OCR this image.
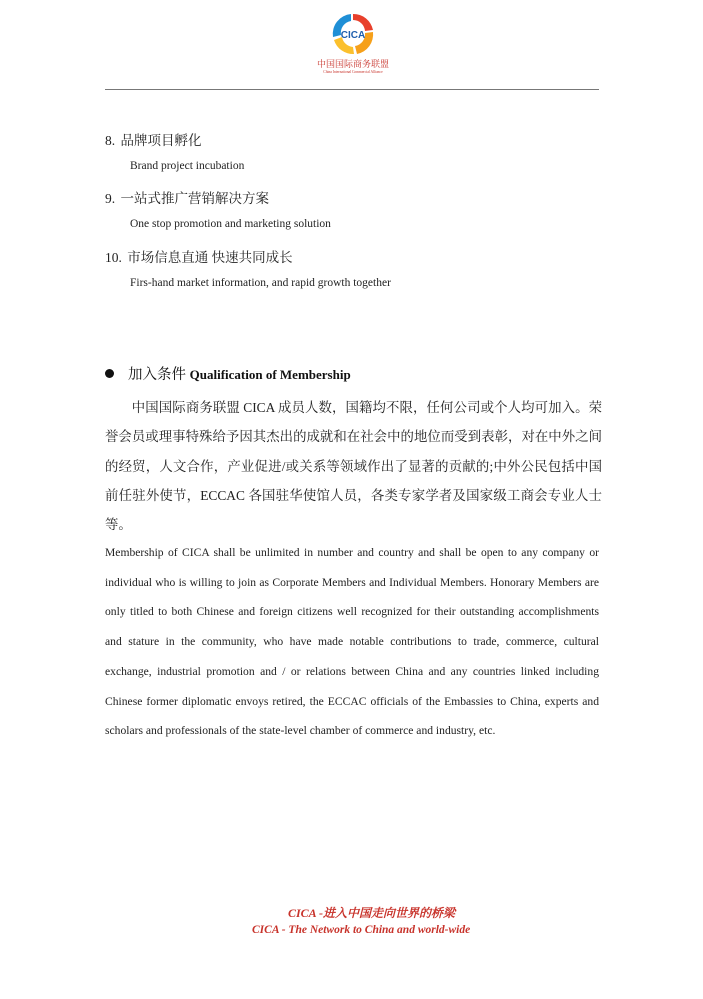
CICA
中国国际商务联盟
China International Commercial Alliance
8. 品牌项目孵化
Brand project incubation
9. 一站式推广营销解决方案
One stop promotion and marketing solution
10. 市场信息直通 快速共同成长
Firs-hand market information, and rapid growth together
加入条件 Qualification of Membership
中国国际商务联盟 CICA 成员人数，国籍均不限，任何公司或个人均可加入。荣誉会员或理事特殊给予因其杰出的成就和在社会中的地位而受到表彰，对在中外之间的经贸，人文合作，产业促进/或关系等领域作出了显著的贡献的;中外公民包括中国前任驻外使节，ECCAC 各国驻华使馆人员，各类专家学者及国家级工商会专业人士等。
Membership of CICA shall be unlimited in number and country and shall be open to any company or individual who is willing to join as Corporate Members and Individual Members. Honorary Members are only titled to both Chinese and foreign citizens well recognized for their outstanding accomplishments and stature in the community, who have made notable contributions to trade, commerce, cultural exchange, industrial promotion and / or relations between China and any countries linked including Chinese former diplomatic envoys retired, the ECCAC officials of the Embassies to China, experts and scholars and professionals of the state-level chamber of commerce and industry, etc.
CICA -进入中国走向世界的桥梁
CICA - The Network to China and world-wide
